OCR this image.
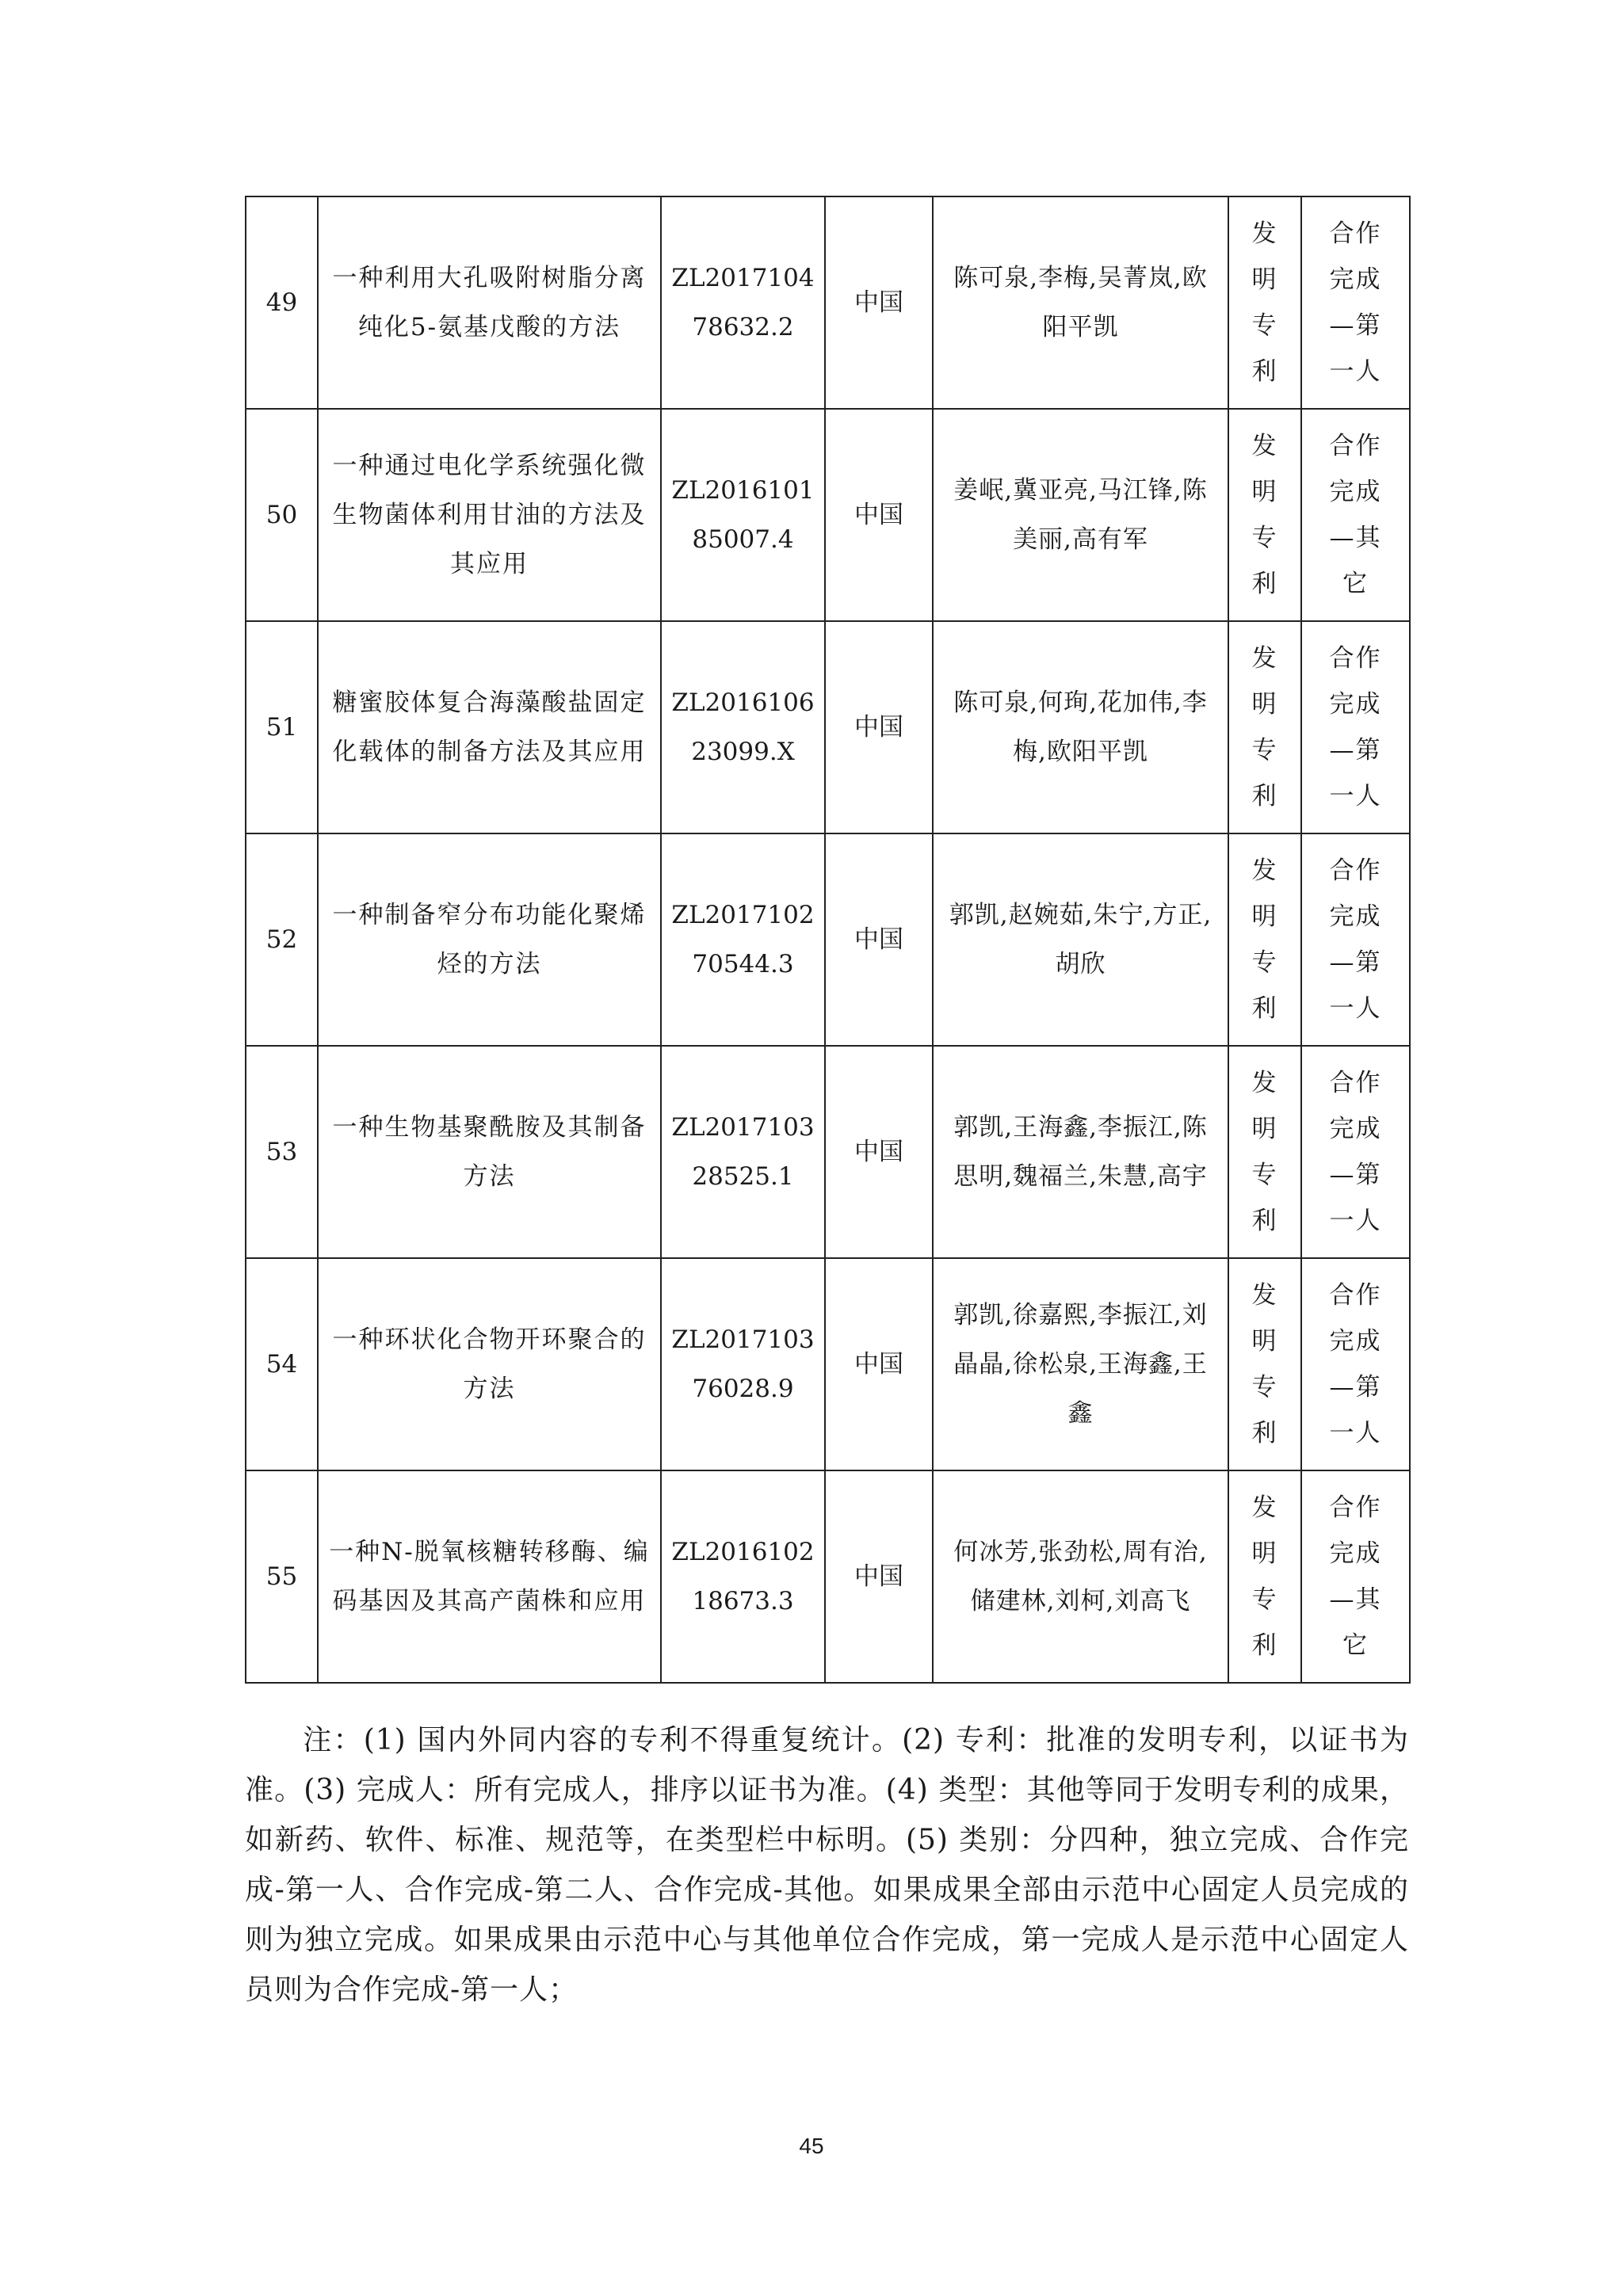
49	一种利用大孔吸附树脂分离纯化5-氨基戊酸的方法	ZL201710478632.2	中国	陈可泉,李梅,吴菁岚,欧阳平凯	发明专利	合作完成—第一人
50	一种通过电化学系统强化微生物菌体利用甘油的方法及其应用	ZL201610185007.4	中国	姜岷,冀亚亮,马江锋,陈美丽,高有军	发明专利	合作完成—其它
51	糖蜜胶体复合海藻酸盐固定化载体的制备方法及其应用	ZL201610623099.X	中国	陈可泉,何珣,花加伟,李梅,欧阳平凯	发明专利	合作完成—第一人
52	一种制备窄分布功能化聚烯烃的方法	ZL201710270544.3	中国	郭凯,赵婉茹,朱宁,方正,胡欣	发明专利	合作完成—第一人
53	一种生物基聚酰胺及其制备方法	ZL201710328525.1	中国	郭凯,王海鑫,李振江,陈思明,魏福兰,朱慧,高宇	发明专利	合作完成—第一人
54	一种环状化合物开环聚合的方法	ZL201710376028.9	中国	郭凯,徐嘉熙,李振江,刘晶晶,徐松泉,王海鑫,王鑫	发明专利	合作完成—第一人
55	一种N-脱氧核糖转移酶、编码基因及其高产菌株和应用	ZL201610218673.3	中国	何冰芳,张劲松,周有治,储建林,刘柯,刘高飞	发明专利	合作完成—其它
注：(1) 国内外同内容的专利不得重复统计。(2) 专利：批准的发明专利，以证书为准。(3) 完成人：所有完成人，排序以证书为准。(4) 类型：其他等同于发明专利的成果，如新药、软件、标准、规范等，在类型栏中标明。(5) 类别：分四种，独立完成、合作完成-第一人、合作完成-第二人、合作完成-其他。如果成果全部由示范中心固定人员完成的则为独立完成。如果成果由示范中心与其他单位合作完成，第一完成人是示范中心固定人员则为合作完成-第一人；
45
